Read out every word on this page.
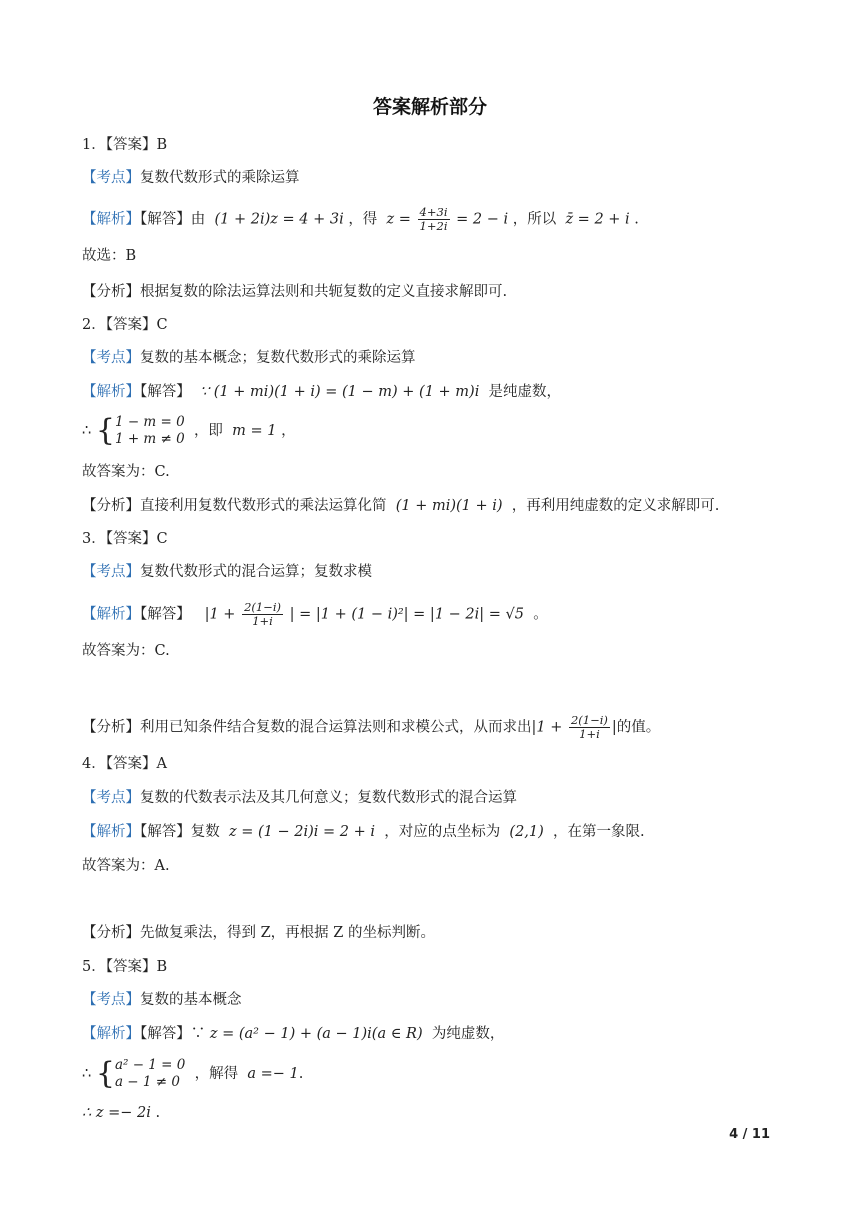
答案解析部分
1．【答案】B
【考点】复数代数形式的乘除运算
【解析】【解答】由 (1 + 2i)z = 4 + 3i ，得 $z = \frac{4+3i}{1+2i} = 2 - i$ ，所以 z̄ = 2 + i .
故选：B
【分析】根据复数的除法运算法则和共轭复数的定义直接求解即可.
2．【答案】C
【考点】复数的基本概念；复数代数形式的乘除运算
【解析】【解答】 ∵ (1 + mi)(1 + i) = (1 − m) + (1 + m)i 是纯虚数，
∴ { 1 − m = 0
1 + m ≠ 0 ，即 m = 1 ，
故答案为：C.
【分析】直接利用复数代数形式的乘法运算化简 (1 + mi)(1 + i) ，再利用纯虚数的定义求解即可.
3．【答案】C
【考点】复数代数形式的混合运算；复数求模
【解析】【解答】 $|1 + \frac{2(1-i)}{1+i}$ | = |1 + (1 − i)²| = |1 − 2i| = √5 。
故答案为：C.
【分析】利用已知条件结合复数的混合运算法则和求模公式，从而求出$|1 + \frac{2(1-i)}{1+i}$ |的值。
4．【答案】A
【考点】复数的代数表示法及其几何意义；复数代数形式的混合运算
【解析】【解答】复数 z = (1 − 2i)i = 2 + i ，对应的点坐标为 (2,1) ，在第一象限.
故答案为：A.
【分析】先做复乘法，得到 Z，再根据 Z 的坐标判断。
5．【答案】B
【考点】复数的基本概念
【解析】【解答】∵ z = (a² − 1) + (a − 1)i(a ∈ R) 为纯虚数，
∴ { a² − 1 = 0
a − 1 ≠ 0	，解得 a =− 1.
∴ z =− 2i .
4 / 11
